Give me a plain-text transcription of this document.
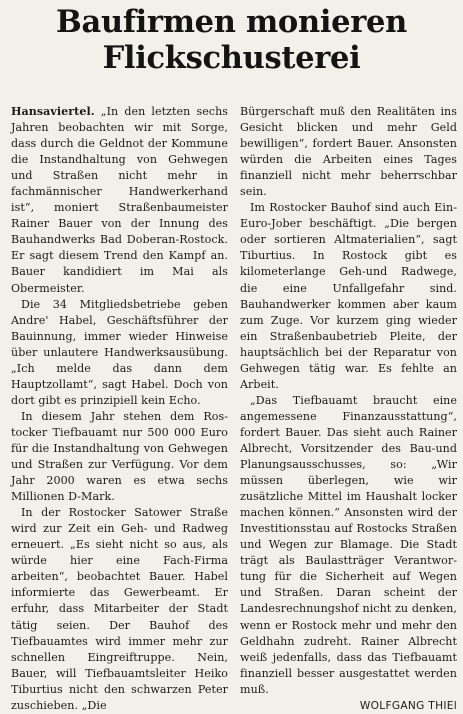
Baufirmen monieren
Flickschusterei

Hansaviertel. „In den letzten sechs Jahren beobachten wir mit Sorge, dass durch die Geldnot der Kommune die Instandhaltung von Gehwegen und Straßen nicht mehr in fachmännischer Handwerkerhand ist“, moniert Straßenbaumeister Rainer Bauer von der Innung des Bauhandwerks Bad Doberan-Rostock. Er sagt diesem Trend den Kampf an. Bauer kandidiert im Mai als Obermeister.

Die 34 Mitgliedsbetriebe geben Andre' Habel, Geschäftsführer der Bauinnung, immer wieder Hinweise über unlautere Handwerksausübung. „Ich melde das dann dem Hauptzollamt“, sagt Habel. Doch von dort gibt es prinzipiell kein Echo.

In diesem Jahr stehen dem Rostocker Tiefbauamt nur 500 000 Euro für die Instandhaltung von Gehwegen und Straßen zur Verfügung. Vor dem Jahr 2000 waren es etwa sechs Millionen D-Mark.

In der Rostocker Satower Straße wird zur Zeit ein Geh- und Radweg erneuert. „Es sieht nicht so aus, als würde hier eine Fach-Firma arbeiten“, beobachtet Bauer. Habel informierte das Gewerbeamt. Er erfuhr, dass Mitarbeiter der Stadt tätig seien. Der Bauhof des Tiefbauamtes wird immer mehr zur schnellen Eingreiftruppe. Nein, Bauer, will Tiefbauamtsleiter Heiko Tiburtius nicht den schwarzen Peter zuschieben. „Die

Bürgerschaft muß den Realitäten ins Gesicht blicken und mehr Geld bewilligen“, fordert Bauer. Ansonsten würden die Arbeiten eines Tages finanziell nicht mehr beherrschbar sein.

Im Rostocker Bauhof sind auch Ein-Euro-Jober beschäftigt. „Die bergen oder sortieren Altmaterialien“, sagt Tiburtius. In Rostock gibt es kilometerlange Geh-und Radwege, die eine Unfallgefahr sind. Bauhandwerker kommen aber kaum zum Zuge. Vor kurzem ging wieder ein Straßenbaubetrieb Pleite, der hauptsächlich bei der Reparatur von Gehwegen tätig war. Es fehlte an Arbeit.

„Das Tiefbauamt braucht eine angemessene Finanzausstattung“, fordert Bauer. Das sieht auch Rainer Albrecht, Vorsitzender des Bau-und Planungsausschusses, so: „Wir müssen überlegen, wie wir zusätzliche Mittel im Haushalt locker machen können.“ Ansonsten wird der Investitionsstau auf Rostocks Straßen und Wegen zur Blamage. Die Stadt trägt als Baulastträger Verantwortung für die Sicherheit auf Wegen und Straßen. Daran scheint der Landesrechnungshof nicht zu denken, wenn er Rostock mehr und mehr den Geldhahn zudreht. Rainer Albrecht weiß jedenfalls, dass das Tiefbauamt finanziell besser ausgestattet werden muß.

WOLFGANG THIEl
